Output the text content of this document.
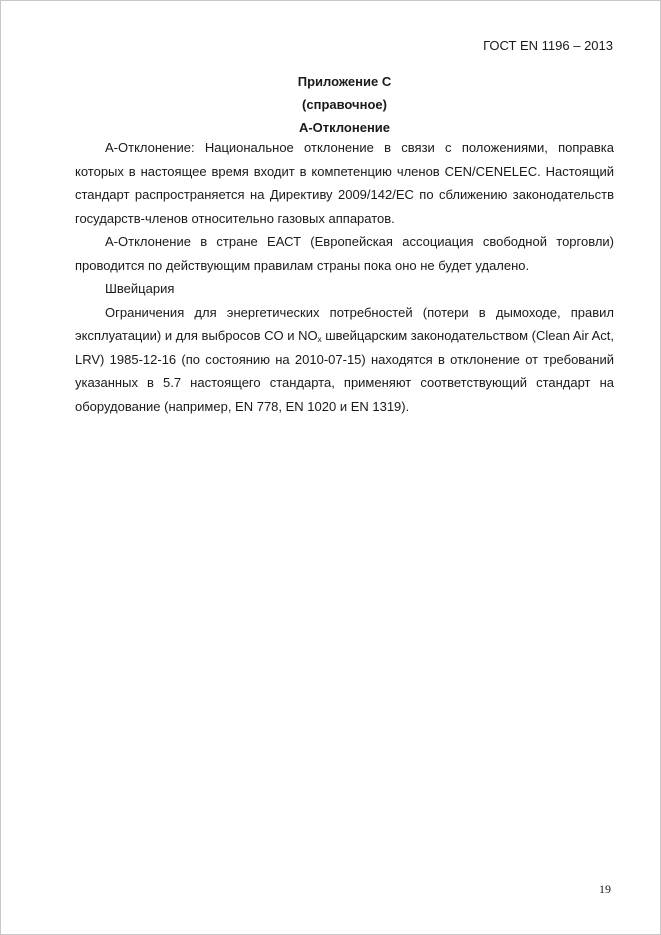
ГОСТ EN 1196 – 2013
Приложение C
(справочное)
А-Отклонение

А-Отклонение: Национальное отклонение в связи с положениями, поправка которых в настоящее время входит в компетенцию членов CEN/CENELEC. Настоящий стандарт распространяется на Директиву 2009/142/ЕС по сближению законодательств государств-членов относительно газовых аппаратов.

А-Отклонение в стране ЕАСТ (Европейская ассоциация свободной торговли) проводится по действующим правилам страны пока оно не будет удалено.

Швейцария

Ограничения для энергетических потребностей (потери в дымоходе, правил эксплуатации) и для выбросов CO и $NO_x$ швейцарским законодательством (Clean Air Act, LRV) 1985-12-16 (по состоянию на 2010-07-15) находятся в отклонение от требований указанных в 5.7 настоящего стандарта, применяют соответствующий стандарт на оборудование (например, EN 778, EN 1020 и EN 1319).

19
